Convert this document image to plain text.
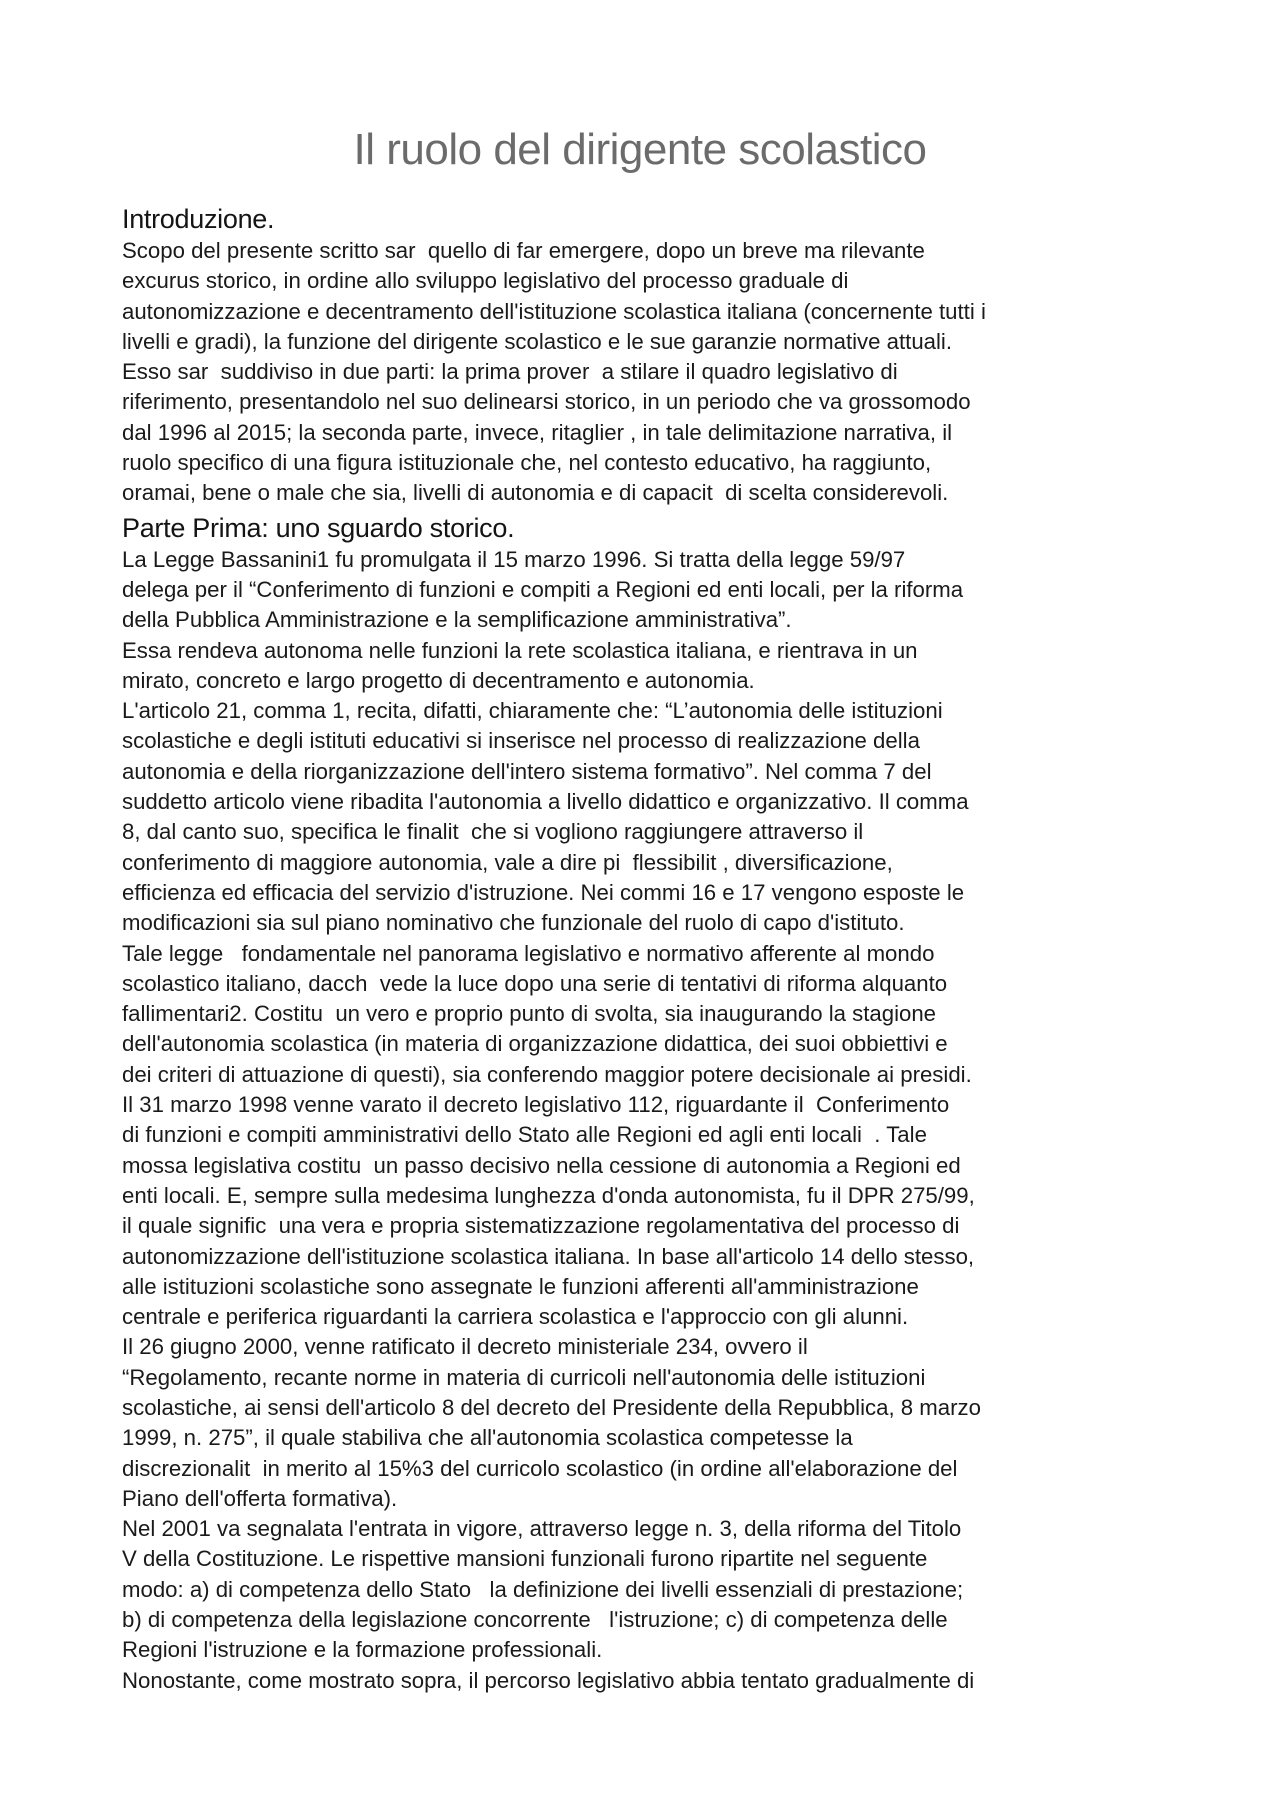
Il ruolo del dirigente scolastico
Introduzione.
Scopo del presente scritto sar  quello di far emergere, dopo un breve ma rilevante
excurus storico, in ordine allo sviluppo legislativo del processo graduale di
autonomizzazione e decentramento dell'istituzione scolastica italiana (concernente tutti i
livelli e gradi), la funzione del dirigente scolastico e le sue garanzie normative attuali.
Esso sar  suddiviso in due parti: la prima prover  a stilare il quadro legislativo di
riferimento, presentandolo nel suo delinearsi storico, in un periodo che va grossomodo
dal 1996 al 2015; la seconda parte, invece, ritaglier , in tale delimitazione narrativa, il
ruolo specifico di una figura istituzionale che, nel contesto educativo, ha raggiunto,
oramai, bene o male che sia, livelli di autonomia e di capacit  di scelta considerevoli.
Parte Prima: uno sguardo storico.
La Legge Bassanini1 fu promulgata il 15 marzo 1996. Si tratta della legge 59/97
delega per il “Conferimento di funzioni e compiti a Regioni ed enti locali, per la riforma
della Pubblica Amministrazione e la semplificazione amministrativa”.
Essa rendeva autonoma nelle funzioni la rete scolastica italiana, e rientrava in un
mirato, concreto e largo progetto di decentramento e autonomia.
L'articolo 21, comma 1, recita, difatti, chiaramente che: “L’autonomia delle istituzioni
scolastiche e degli istituti educativi si inserisce nel processo di realizzazione della
autonomia e della riorganizzazione dell'intero sistema formativo”. Nel comma 7 del
suddetto articolo viene ribadita l'autonomia a livello didattico e organizzativo. Il comma
8, dal canto suo, specifica le finalit  che si vogliono raggiungere attraverso il
conferimento di maggiore autonomia, vale a dire pi  flessibilit , diversificazione,
efficienza ed efficacia del servizio d'istruzione. Nei commi 16 e 17 vengono esposte le
modificazioni sia sul piano nominativo che funzionale del ruolo di capo d'istituto.
Tale legge   fondamentale nel panorama legislativo e normativo afferente al mondo
scolastico italiano, dacch  vede la luce dopo una serie di tentativi di riforma alquanto
fallimentari2. Costitu  un vero e proprio punto di svolta, sia inaugurando la stagione
dell'autonomia scolastica (in materia di organizzazione didattica, dei suoi obbiettivi e
dei criteri di attuazione di questi), sia conferendo maggior potere decisionale ai presidi.
Il 31 marzo 1998 venne varato il decreto legislativo 112, riguardante il  Conferimento
di funzioni e compiti amministrativi dello Stato alle Regioni ed agli enti locali  . Tale
mossa legislativa costitu  un passo decisivo nella cessione di autonomia a Regioni ed
enti locali. E, sempre sulla medesima lunghezza d'onda autonomista, fu il DPR 275/99,
il quale signific  una vera e propria sistematizzazione regolamentativa del processo di
autonomizzazione dell'istituzione scolastica italiana. In base all'articolo 14 dello stesso,
alle istituzioni scolastiche sono assegnate le funzioni afferenti all'amministrazione
centrale e periferica riguardanti la carriera scolastica e l'approccio con gli alunni.
Il 26 giugno 2000, venne ratificato il decreto ministeriale 234, ovvero il
“Regolamento, recante norme in materia di curricoli nell'autonomia delle istituzioni
scolastiche, ai sensi dell'articolo 8 del decreto del Presidente della Repubblica, 8 marzo
1999, n. 275”, il quale stabiliva che all'autonomia scolastica competesse la
discrezionalit  in merito al 15%3 del curricolo scolastico (in ordine all'elaborazione del
Piano dell'offerta formativa).
Nel 2001 va segnalata l'entrata in vigore, attraverso legge n. 3, della riforma del Titolo
V della Costituzione. Le rispettive mansioni funzionali furono ripartite nel seguente
modo: a) di competenza dello Stato   la definizione dei livelli essenziali di prestazione;
b) di competenza della legislazione concorrente   l'istruzione; c) di competenza delle
Regioni l'istruzione e la formazione professionali.
Nonostante, come mostrato sopra, il percorso legislativo abbia tentato gradualmente di
